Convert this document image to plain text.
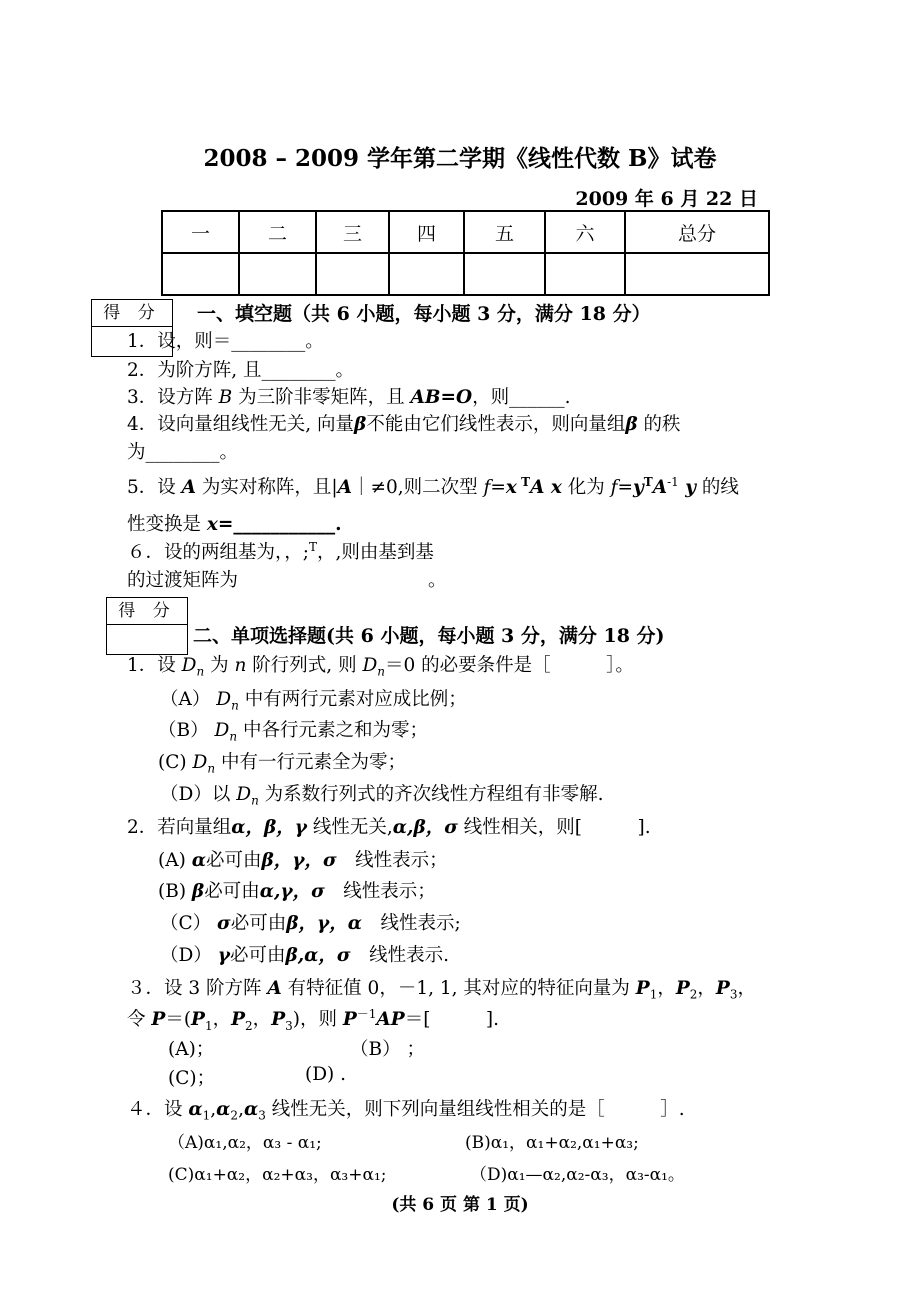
2008 – 2009 学年第二学期《线性代数 B》试卷
2009 年 6 月 22 日
一	二	三	四	五	六	总分

得 分	一、填空题（共 6 小题，每小题 3 分，满分 18 分）
1．设，则＝________。
2．为阶方阵, 且________。
3．设方阵 B 为三阶非零矩阵，且 AB=O，则______.
4．设向量组线性无关, 向量β不能由它们线性表示，则向量组β 的秩
为________。
5．设 A 为实对称阵，且|A｜≠0,则二次型 f=x $^T$A x 化为 $f=y^TA^{-1}$ y 的线
性变换是 x=___________.
６．设的两组基为，，;$^T$，,则由基到基
的过渡矩阵为	。
得 分
二、单项选择题(共 6 小题，每小题 3 分，满分 18 分)
1．设 $D_n$ 为 n 阶行列式, 则 $D_n=0$ 的必要条件是［　　　］。
（A） $D_n$ 中有两行元素对应成比例；
（B） $D_n$ 中各行元素之和为零；
(C) $D_n$ 中有一行元素全为零；
（D）以 $D_n$ 为系数行列式的齐次线性方程组有非零解.
2．若向量组α，β，γ 线性无关,α,β，σ 线性相关，则[　　　].
(A) α必可由β，γ，σ　线性表示；
(B) β必可由α,γ，σ　线性表示；
（C） σ必可由β，γ，α　线性表示;
（D） γ必可由β,α，σ　线性表示.
３．设 3 阶方阵 A 有特征值 0，－1, 1, 其对应的特征向量为 $P_1$，$P_2$，$P_3$，
令 $P=(P_1$，$P_2$，$P_3$)，则 $P^{-1}AP=$[　　　].
(A)；	（B） ；
(C)；	(D) .
４．设 $\alpha_1,\alpha_2,\alpha_3$ 线性无关，则下列向量组线性相关的是［　　　］.
（A)α₁,α₂，α₃ - α₁;	(B)α₁，α₁+α₂,α₁+α₃;
(C)α₁+α₂，α₂+α₃，α₃+α₁;	（D)α₁—α₂,α₂-α₃，α₃-α₁。
(共 6 页 第 1 页)
